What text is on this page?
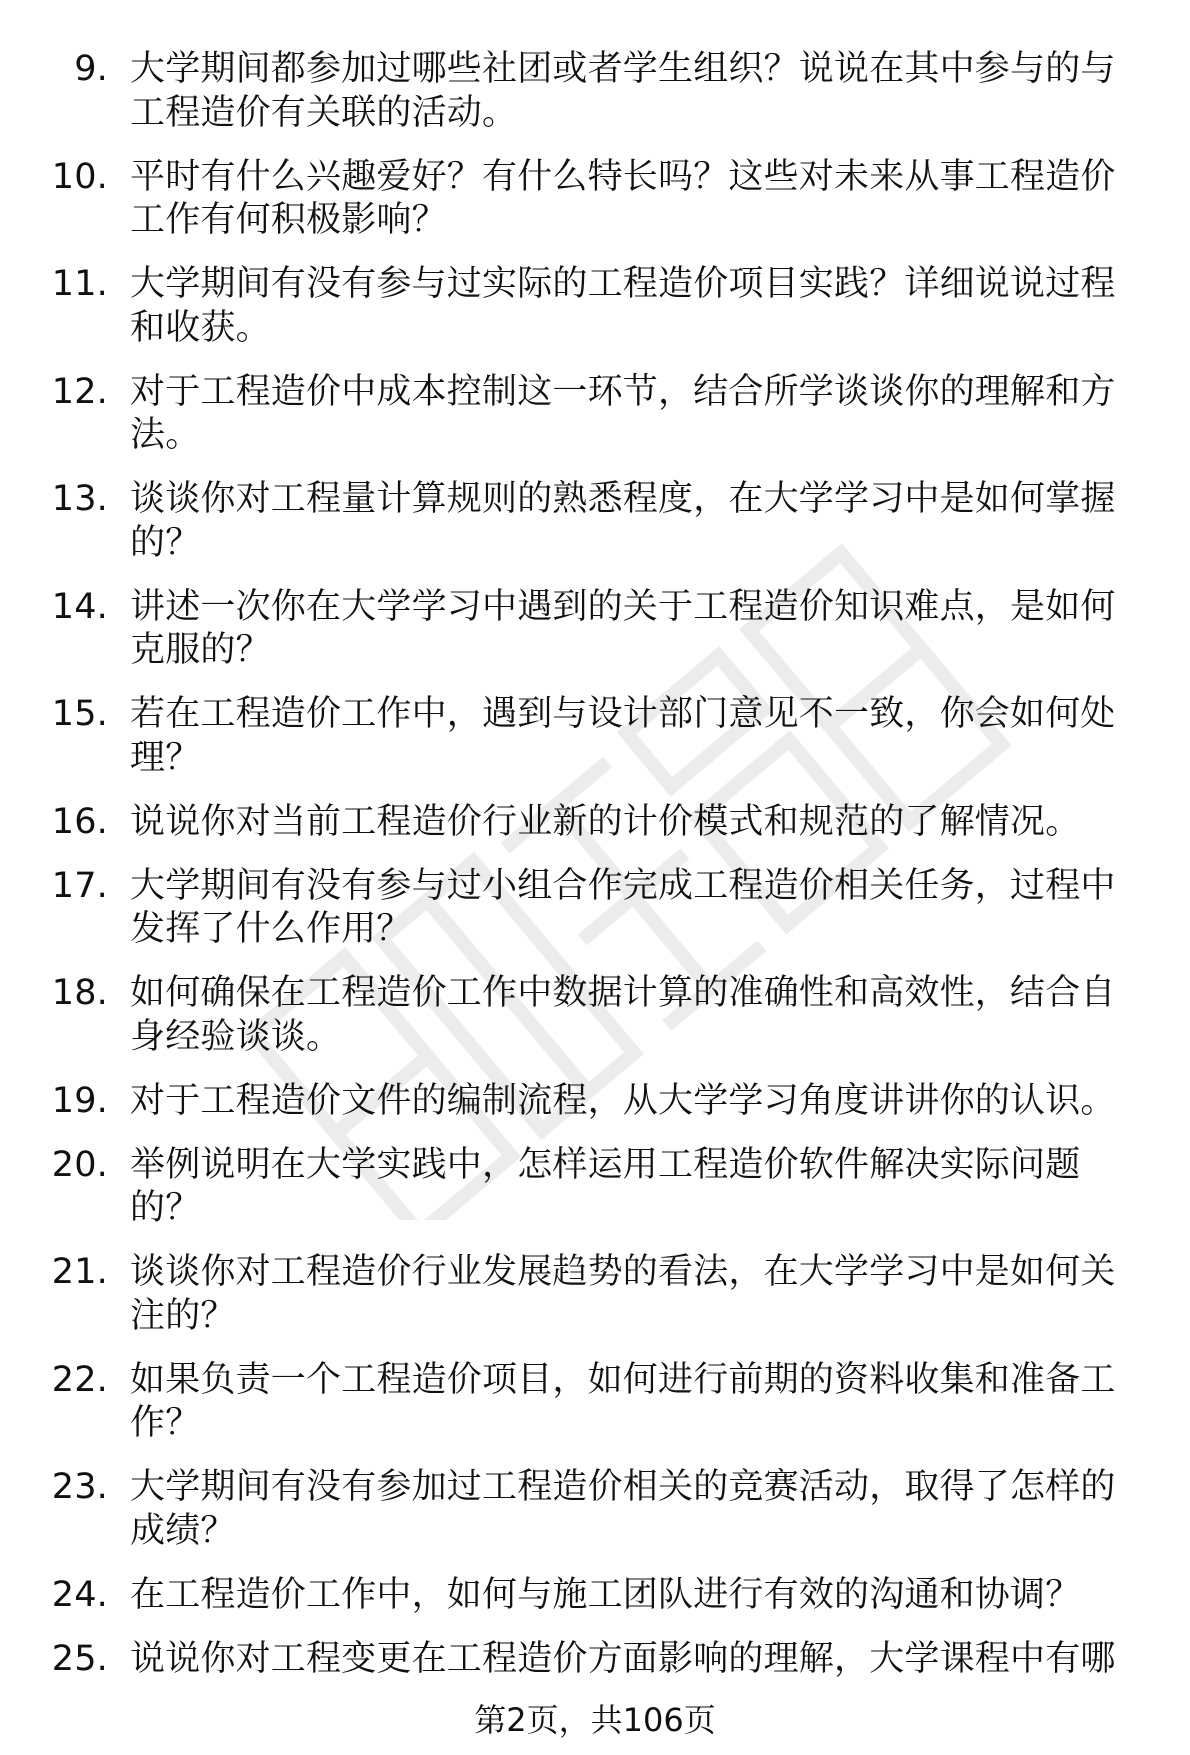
9. 大学期间都参加过哪些社团或者学生组织？说说在其中参与的与工程造价有关联的活动。
10. 平时有什么兴趣爱好？有什么特长吗？这些对未来从事工程造价工作有何积极影响？
11. 大学期间有没有参与过实际的工程造价项目实践？详细说说过程和收获。
12. 对于工程造价中成本控制这一环节，结合所学谈谈你的理解和方法。
13. 谈谈你对工程量计算规则的熟悉程度，在大学学习中是如何掌握的？
14. 讲述一次你在大学学习中遇到的关于工程造价知识难点，是如何克服的？
15. 若在工程造价工作中，遇到与设计部门意见不一致，你会如何处理？
16. 说说你对当前工程造价行业新的计价模式和规范的了解情况。
17. 大学期间有没有参与过小组合作完成工程造价相关任务，过程中发挥了什么作用？
18. 如何确保在工程造价工作中数据计算的准确性和高效性，结合自身经验谈谈。
19. 对于工程造价文件的编制流程，从大学学习角度讲讲你的认识。
20. 举例说明在大学实践中，怎样运用工程造价软件解决实际问题的？
21. 谈谈你对工程造价行业发展趋势的看法，在大学学习中是如何关注的？
22. 如果负责一个工程造价项目，如何进行前期的资料收集和准备工作？
23. 大学期间有没有参加过工程造价相关的竞赛活动，取得了怎样的成绩？
24. 在工程造价工作中，如何与施工团队进行有效的沟通和协调？
25. 说说你对工程变更在工程造价方面影响的理解，大学课程中有哪
第2页，共106页
